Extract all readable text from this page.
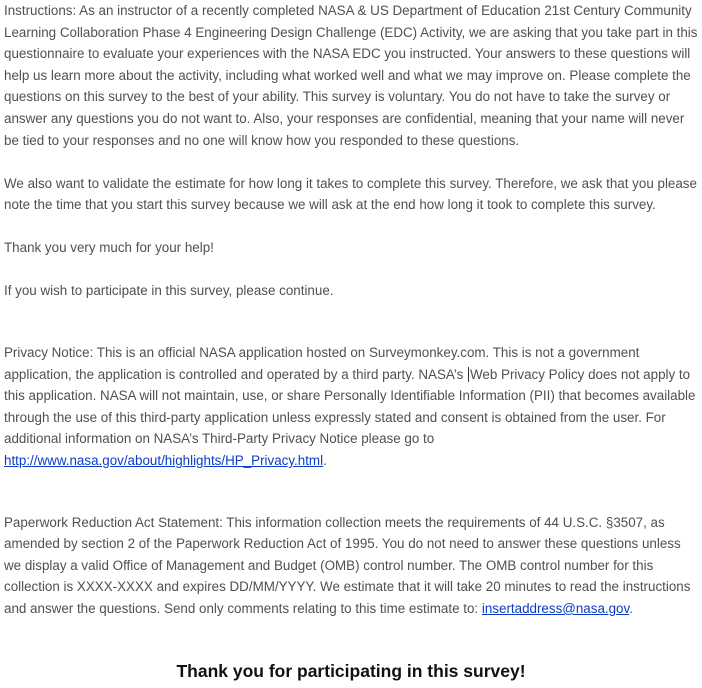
Instructions: As an instructor of a recently completed NASA & US Department of Education 21st Century Community Learning Collaboration Phase 4 Engineering Design Challenge (EDC) Activity, we are asking that you take part in this questionnaire to evaluate your experiences with the NASA EDC you instructed. Your answers to these questions will help us learn more about the activity, including what worked well and what we may improve on. Please complete the questions on this survey to the best of your ability. This survey is voluntary. You do not have to take the survey or answer any questions you do not want to. Also, your responses are confidential, meaning that your name will never be tied to your responses and no one will know how you responded to these questions.

We also want to validate the estimate for how long it takes to complete this survey. Therefore, we ask that you please note the time that you start this survey because we will ask at the end how long it took to complete this survey.

Thank you very much for your help!

If you wish to participate in this survey, please continue.

Privacy Notice: This is an official NASA application hosted on Surveymonkey.com. This is not a government application, the application is controlled and operated by a third party. NASA’s Web Privacy Policy does not apply to this application. NASA will not maintain, use, or share Personally Identifiable Information (PII) that becomes available through the use of this third-party application unless expressly stated and consent is obtained from the user. For additional information on NASA’s Third-Party Privacy Notice please go to
http://www.nasa.gov/about/highlights/HP_Privacy.html.

Paperwork Reduction Act Statement: This information collection meets the requirements of 44 U.S.C. §3507, as amended by section 2 of the Paperwork Reduction Act of 1995. You do not need to answer these questions unless we display a valid Office of Management and Budget (OMB) control number. The OMB control number for this collection is XXXX-XXXX and expires DD/MM/YYYY. We estimate that it will take 20 minutes to read the instructions and answer the questions. Send only comments relating to this time estimate to: insertaddress@nasa.gov.

Thank you for participating in this survey!
